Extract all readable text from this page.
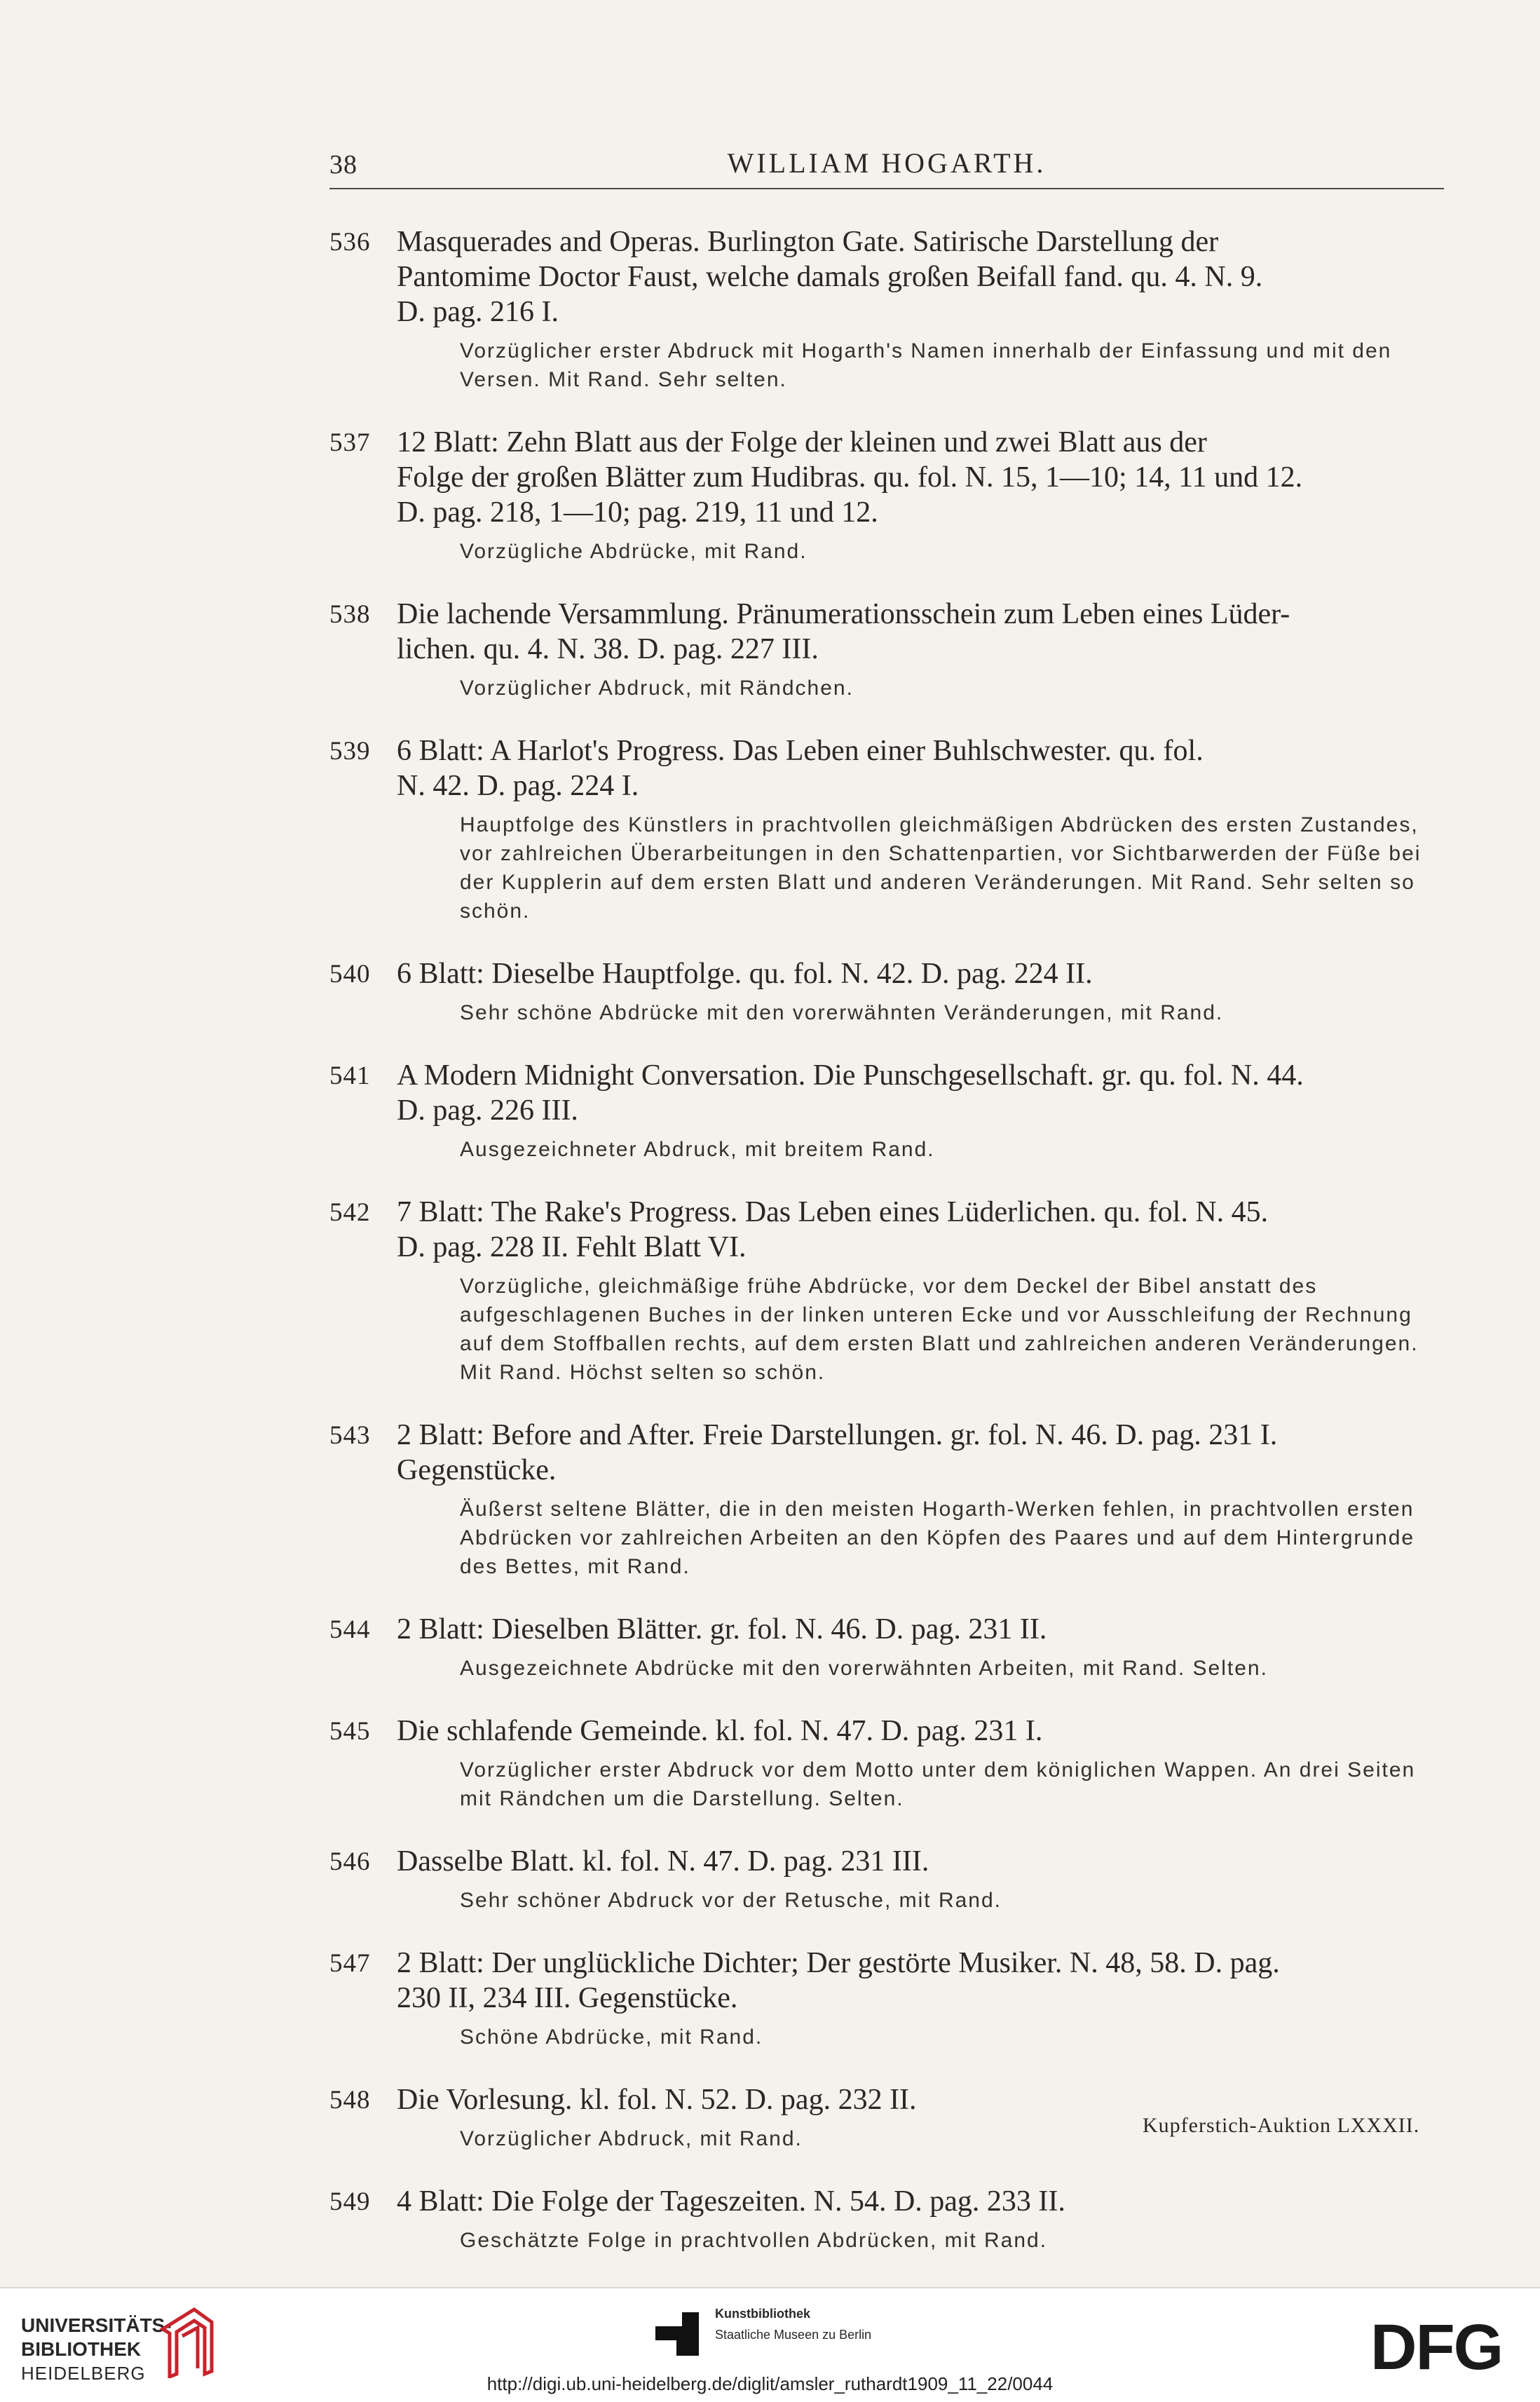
38	WILLIAM HOGARTH.
536 Masquerades and Operas. Burlington Gate. Satirische Darstellung der
Pantomime Doctor Faust, welche damals großen Beifall fand. qu. 4. N. 9.
D. pag. 216 I.
Vorzüglicher erster Abdruck mit Hogarth's Namen innerhalb der Einfassung und mit den Versen. Mit Rand. Sehr selten.
537 12 Blatt: Zehn Blatt aus der Folge der kleinen und zwei Blatt aus der
Folge der großen Blätter zum Hudibras. qu. fol. N. 15, 1—10; 14, 11 und 12.
D. pag. 218, 1—10; pag. 219, 11 und 12.
Vorzügliche Abdrücke, mit Rand.
538 Die lachende Versammlung. Pränumerationsschein zum Leben eines Lüder-
lichen. qu. 4. N. 38. D. pag. 227 III.
Vorzüglicher Abdruck, mit Rändchen.
539 6 Blatt: A Harlot's Progress. Das Leben einer Buhlschwester. qu. fol.
N. 42. D. pag. 224 I.
Hauptfolge des Künstlers in prachtvollen gleichmäßigen Abdrücken des ersten Zustandes, vor zahlreichen Überarbeitungen in den Schattenpartien, vor Sichtbarwerden der Füße bei der Kupplerin auf dem ersten Blatt und anderen Veränderungen. Mit Rand. Sehr selten so schön.
540 6 Blatt: Dieselbe Hauptfolge. qu. fol. N. 42. D. pag. 224 II.
Sehr schöne Abdrücke mit den vorerwähnten Veränderungen, mit Rand.
541 A Modern Midnight Conversation. Die Punschgesellschaft. gr. qu. fol. N. 44.
D. pag. 226 III.
Ausgezeichneter Abdruck, mit breitem Rand.
542 7 Blatt: The Rake's Progress. Das Leben eines Lüderlichen. qu. fol. N. 45.
D. pag. 228 II. Fehlt Blatt VI.
Vorzügliche, gleichmäßige frühe Abdrücke, vor dem Deckel der Bibel anstatt des aufgeschlagenen Buches in der linken unteren Ecke und vor Ausschleifung der Rechnung auf dem Stoffballen rechts, auf dem ersten Blatt und zahlreichen anderen Veränderungen. Mit Rand. Höchst selten so schön.
543 2 Blatt: Before and After. Freie Darstellungen. gr. fol. N. 46. D. pag. 231 I.
Gegenstücke.
Äußerst seltene Blätter, die in den meisten Hogarth-Werken fehlen, in prachtvollen ersten Abdrücken vor zahlreichen Arbeiten an den Köpfen des Paares und auf dem Hintergrunde des Bettes, mit Rand.
544 2 Blatt: Dieselben Blätter. gr. fol. N. 46. D. pag. 231 II.
Ausgezeichnete Abdrücke mit den vorerwähnten Arbeiten, mit Rand. Selten.
545 Die schlafende Gemeinde. kl. fol. N. 47. D. pag. 231 I.
Vorzüglicher erster Abdruck vor dem Motto unter dem königlichen Wappen. An drei Seiten mit Rändchen um die Darstellung. Selten.
546 Dasselbe Blatt. kl. fol. N. 47. D. pag. 231 III.
Sehr schöner Abdruck vor der Retusche, mit Rand.
547 2 Blatt: Der unglückliche Dichter; Der gestörte Musiker. N. 48, 58. D. pag.
230 II, 234 III. Gegenstücke.
Schöne Abdrücke, mit Rand.
548 Die Vorlesung. kl. fol. N. 52. D. pag. 232 II.
Vorzüglicher Abdruck, mit Rand.
549 4 Blatt: Die Folge der Tageszeiten. N. 54. D. pag. 233 II.
Geschätzte Folge in prachtvollen Abdrücken, mit Rand.
Kupferstich-Auktion LXXXII.
UNIVERSITÄTS-
BIBLIOTHEK
HEIDELBERG
Kunstbibliothek
Staatliche Museen zu Berlin	DFG
http://digi.ub.uni-heidelberg.de/diglit/amsler_ruthardt1909_11_22/0044
